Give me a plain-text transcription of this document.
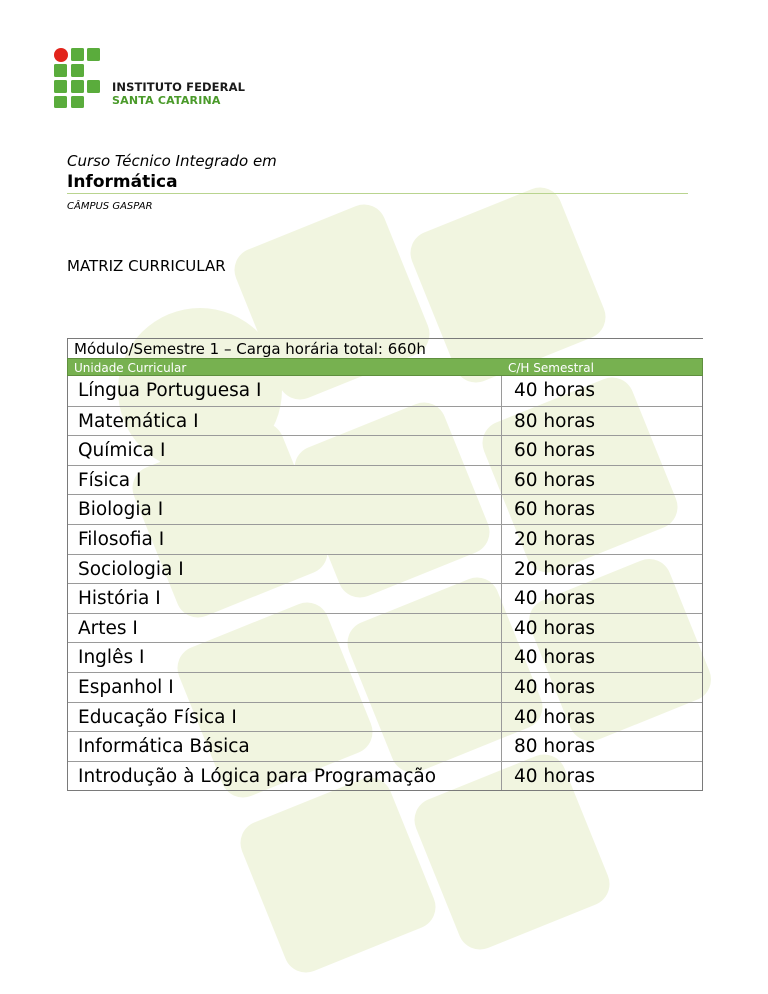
INSTITUTO FEDERAL
SANTA CATARINA
Curso Técnico Integrado em
Informática
CÂMPUS GASPAR
MATRIZ CURRICULAR
Módulo/Semestre 1 – Carga horária total: 660h
Unidade Curricular	C/H Semestral
Língua Portuguesa I	40 horas
Matemática I	80 horas
Química I	60 horas
Física I	60 horas
Biologia I	60 horas
Filosofia I	20 horas
Sociologia I	20 horas
História I	40 horas
Artes I	40 horas
Inglês I	40 horas
Espanhol I	40 horas
Educação Física I	40 horas
Informática Básica	80 horas
Introdução à Lógica para Programação	40 horas
